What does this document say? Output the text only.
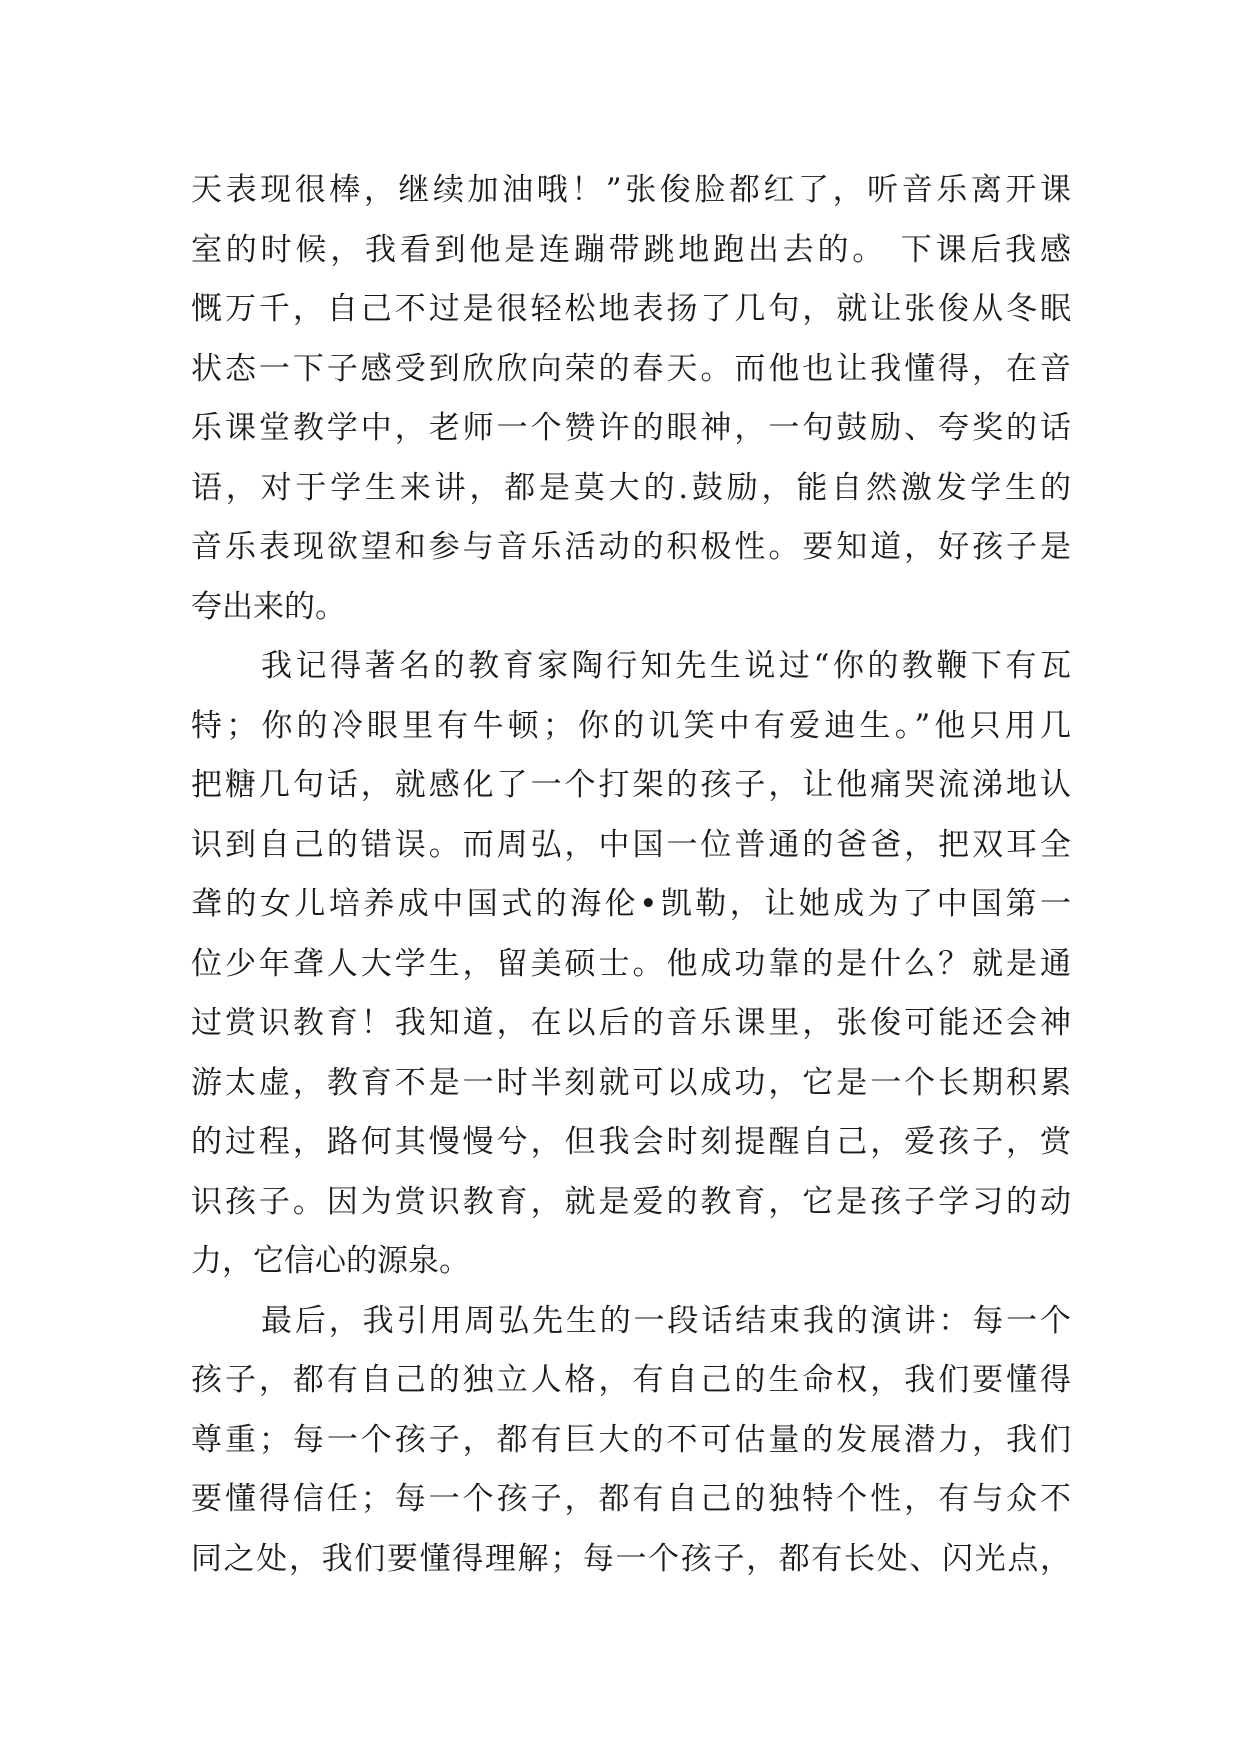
天表现很棒，继续加油哦！”张俊脸都红了，听音乐离开课
室的时候，我看到他是连蹦带跳地跑出去的。 下课后我感
慨万千，自己不过是很轻松地表扬了几句，就让张俊从冬眠
状态一下子感受到欣欣向荣的春天。而他也让我懂得，在音
乐课堂教学中，老师一个赞许的眼神，一句鼓励、夸奖的话
语，对于学生来讲，都是莫大的.鼓励，能自然激发学生的
音乐表现欲望和参与音乐活动的积极性。要知道，好孩子是
夸出来的。
我记得著名的教育家陶行知先生说过“你的教鞭下有瓦
特；你的冷眼里有牛顿；你的讥笑中有爱迪生。”他只用几
把糖几句话，就感化了一个打架的孩子，让他痛哭流涕地认
识到自己的错误。而周弘，中国一位普通的爸爸，把双耳全
聋的女儿培养成中国式的海伦•凯勒，让她成为了中国第一
位少年聋人大学生，留美硕士。他成功靠的是什么？就是通
过赏识教育！我知道，在以后的音乐课里，张俊可能还会神
游太虚，教育不是一时半刻就可以成功，它是一个长期积累
的过程，路何其慢慢兮，但我会时刻提醒自己，爱孩子，赏
识孩子。因为赏识教育，就是爱的教育，它是孩子学习的动
力，它信心的源泉。
最后，我引用周弘先生的一段话结束我的演讲：每一个
孩子，都有自己的独立人格，有自己的生命权，我们要懂得
尊重；每一个孩子，都有巨大的不可估量的发展潜力，我们
要懂得信任；每一个孩子，都有自己的独特个性，有与众不
同之处，我们要懂得理解；每一个孩子，都有长处、闪光点，
